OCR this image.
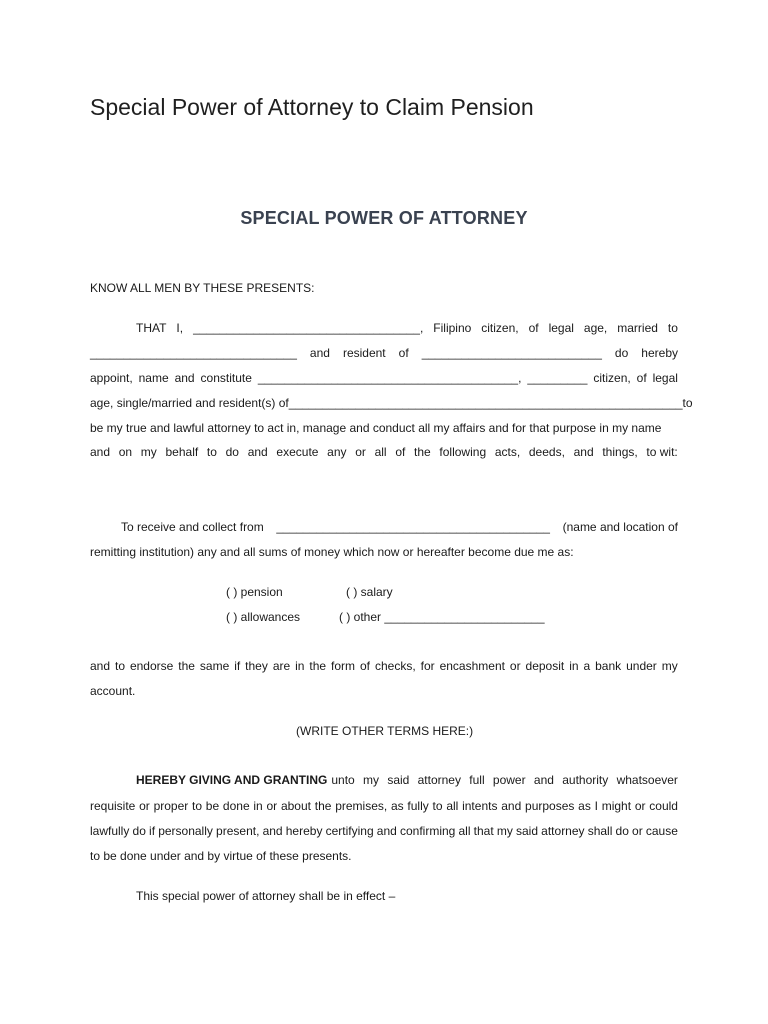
Special Power of Attorney to Claim Pension
SPECIAL POWER OF ATTORNEY
KNOW ALL MEN BY THESE PRESENTS:
THAT I, __________________________________, Filipino citizen, of legal age, married to
_______________________________ and resident of ___________________________ do hereby
appoint, name and constitute _______________________________________, _________ citizen, of legal
age, single/married and resident(s) of ___________________________________________________________ to
be my true and lawful attorney to act in, manage and conduct all my affairs and for that purpose in my name
and on my behalf to do and execute any or all of the following acts, deeds, and things, to wit:
To receive and collect from _________________________________________ (name and location of
remitting institution) any and all sums of money which now or hereafter become due me as:
( ) pension	( ) salary
( ) allowances	( ) other ________________________
and to endorse the same if they are in the form of checks, for encashment or deposit in a bank under my
account.
(WRITE OTHER TERMS HERE:)
HEREBY GIVING AND GRANTING unto my said attorney full power and authority whatsoever
requisite or proper to be done in or about the premises, as fully to all intents and purposes as I might or could
lawfully do if personally present, and hereby certifying and confirming all that my said attorney shall do or cause
to be done under and by virtue of these presents.
This special power of attorney shall be in effect –
